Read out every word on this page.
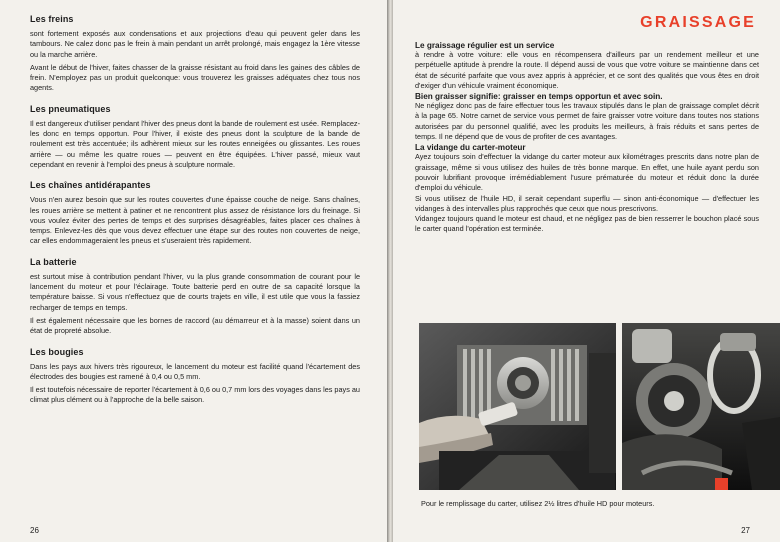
Les freins

sont fortement exposés aux condensations et aux projections d'eau qui peuvent geler dans les tambours. Ne calez donc pas le frein à main pendant un arrêt prolongé, mais engagez la 1ère vitesse ou la marche arrière.

Avant le début de l'hiver, faites chasser de la graisse résistant au froid dans les gaines des câbles de frein. N'employez pas un produit quelconque: vous trouverez les graisses adéquates chez tous nos agents.

Les pneumatiques

Il est dangereux d'utiliser pendant l'hiver des pneus dont la bande de roulement est usée. Remplacez-les donc en temps opportun. Pour l'hiver, il existe des pneus dont la sculpture de la bande de roulement est très accentuée; ils adhèrent mieux sur les routes enneigées ou glissantes. Les roues arrière — ou même les quatre roues — peuvent en être équipées. L'hiver passé, mieux vaut cependant en revenir à l'emploi des pneus à sculpture normale.

Les chaînes antidérapantes

Vous n'en aurez besoin que sur les routes couvertes d'une épaisse couche de neige. Sans chaînes, les roues arrière se mettent à patiner et ne rencontrent plus assez de résistance lors du freinage. Si vous voulez éviter des pertes de temps et des surprises désagréables, faites placer ces chaînes à temps. Enlevez-les dès que vous devez effectuer une étape sur des routes non couvertes de neige, car elles endommageraient les pneus et s'useraient très rapidement.

La batterie

est surtout mise à contribution pendant l'hiver, vu la plus grande consommation de courant pour le lancement du moteur et pour l'éclairage. Toute batterie perd en outre de sa capacité lorsque la température baisse. Si vous n'effectuez que de courts trajets en ville, il est utile que vous la fassiez recharger de temps en temps.

Il est également nécessaire que les bornes de raccord (au démarreur et à la masse) soient dans un état de propreté absolue.

Les bougies

Dans les pays aux hivers très rigoureux, le lancement du moteur est facilité quand l'écartement des électrodes des bougies est ramené à 0,4 ou 0,5 mm.

Il est toutefois nécessaire de reporter l'écartement à 0,6 ou 0,7 mm lors des voyages dans les pays au climat plus clément ou à l'approche de la belle saison.

26
GRAISSAGE
Le graissage régulier est un service

à rendre à votre voiture: elle vous en récompensera d'ailleurs par un rendement meilleur et une perpétuelle aptitude à prendre la route. Il dépend aussi de vous que votre voiture se maintienne dans cet état de sécurité parfaite que vous avez appris à apprécier, et ce sont des qualités que vous êtes en droit d'exiger d'un véhicule vraiment économique.

Bien graisser signifie: graisser en temps opportun et avec soin.

Ne négligez donc pas de faire effectuer tous les travaux stipulés dans le plan de graissage complet décrit à la page 65. Notre carnet de service vous permet de faire graisser votre voiture dans toutes nos stations autorisées par du personnel qualifié, avec les produits les meilleurs, à frais réduits et sans pertes de temps. Il ne dépend que de vous de profiter de ces avantages.

La vidange du carter-moteur

Ayez toujours soin d'effectuer la vidange du carter moteur aux kilométrages prescrits dans notre plan de graissage, même si vous utilisez des huiles de très bonne marque. En effet, une huile ayant perdu son pouvoir lubrifiant provoque irrémédiablement l'usure prématurée du moteur et réduit donc la durée d'emploi du véhicule.

Si vous utilisez de l'huile HD, il serait cependant superflu — sinon anti-économique — d'effectuer les vidanges à des intervalles plus rapprochés que ceux que nous prescrivons.

Vidangez toujours quand le moteur est chaud, et ne négligez pas de bien resserrer le bouchon placé sous le carter quand l'opération est terminée.

Pour le remplissage du carter, utilisez 2½ litres d'huile HD pour moteurs.
27
